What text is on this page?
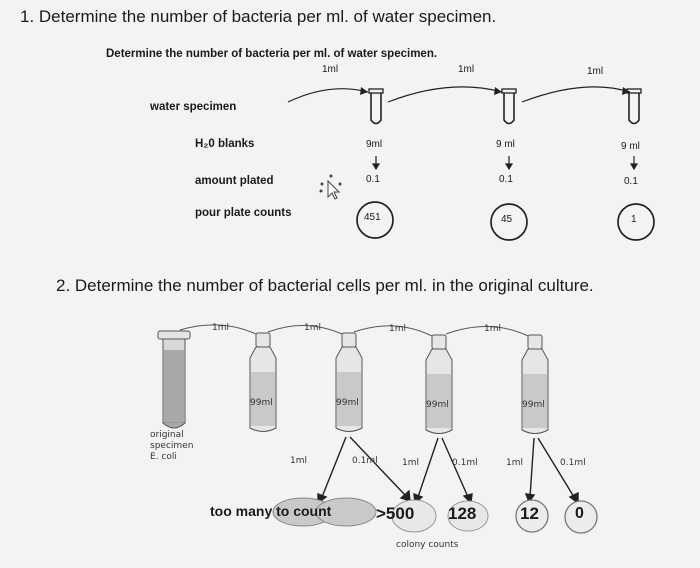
1. Determine the number of bacteria per ml. of water specimen.
Determine the number of bacteria per ml. of water specimen.
1ml	1ml	1ml
water specimen
H₂0 blanks
amount plated
pour plate counts
9ml	9 ml	9 ml
0.1	0.1	0.1
451	45	1
2. Determine the number of bacterial cells per ml. in the original culture.
1ml	1ml	1ml	1ml
99ml	99ml	99ml	99ml
original
specimen
E. coli	1ml	0.1ml	1ml	0.1ml	1ml	0.1ml
too many to count	>500 128	12 0
colony counts
